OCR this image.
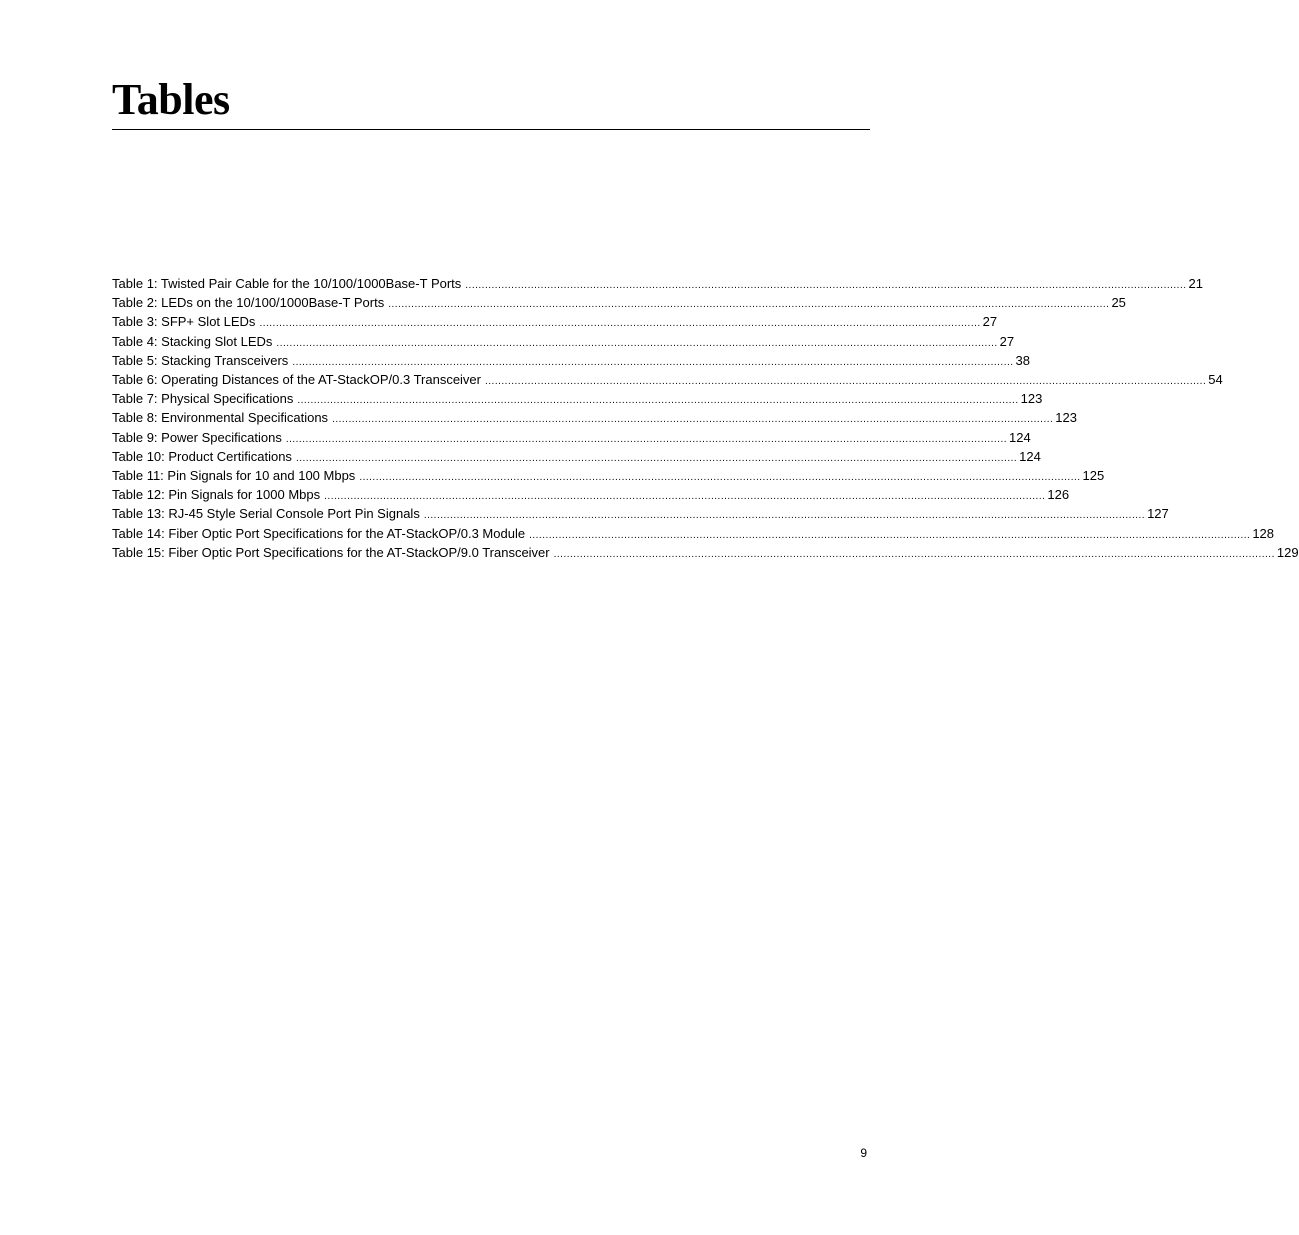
Tables
Table 1: Twisted Pair Cable for the 10/100/1000Base-T Ports ............................................................................................................................................................................................................................ 21
Table 2: LEDs on the 10/100/1000Base-T Ports ............................................................................................................................................................................................................................ 25
Table 3: SFP+ Slot LEDs ............................................................................................................................................................................................................................ 27
Table 4: Stacking Slot LEDs ............................................................................................................................................................................................................................ 27
Table 5: Stacking Transceivers ............................................................................................................................................................................................................................ 38
Table 6: Operating Distances of the AT-StackOP/0.3 Transceiver ............................................................................................................................................................................................................................ 54
Table 7: Physical Specifications ............................................................................................................................................................................................................................ 123
Table 8: Environmental Specifications ............................................................................................................................................................................................................................ 123
Table 9: Power Specifications ............................................................................................................................................................................................................................ 124
Table 10: Product Certifications ............................................................................................................................................................................................................................ 124
Table 11: Pin Signals for 10 and 100 Mbps ............................................................................................................................................................................................................................ 125
Table 12: Pin Signals for 1000 Mbps ............................................................................................................................................................................................................................ 126
Table 13: RJ-45 Style Serial Console Port Pin Signals ............................................................................................................................................................................................................................ 127
Table 14: Fiber Optic Port Specifications for the AT-StackOP/0.3 Module ............................................................................................................................................................................................................................ 128
Table 15: Fiber Optic Port Specifications for the AT-StackOP/9.0 Transceiver ............................................................................................................................................................................................................................ 129
9
